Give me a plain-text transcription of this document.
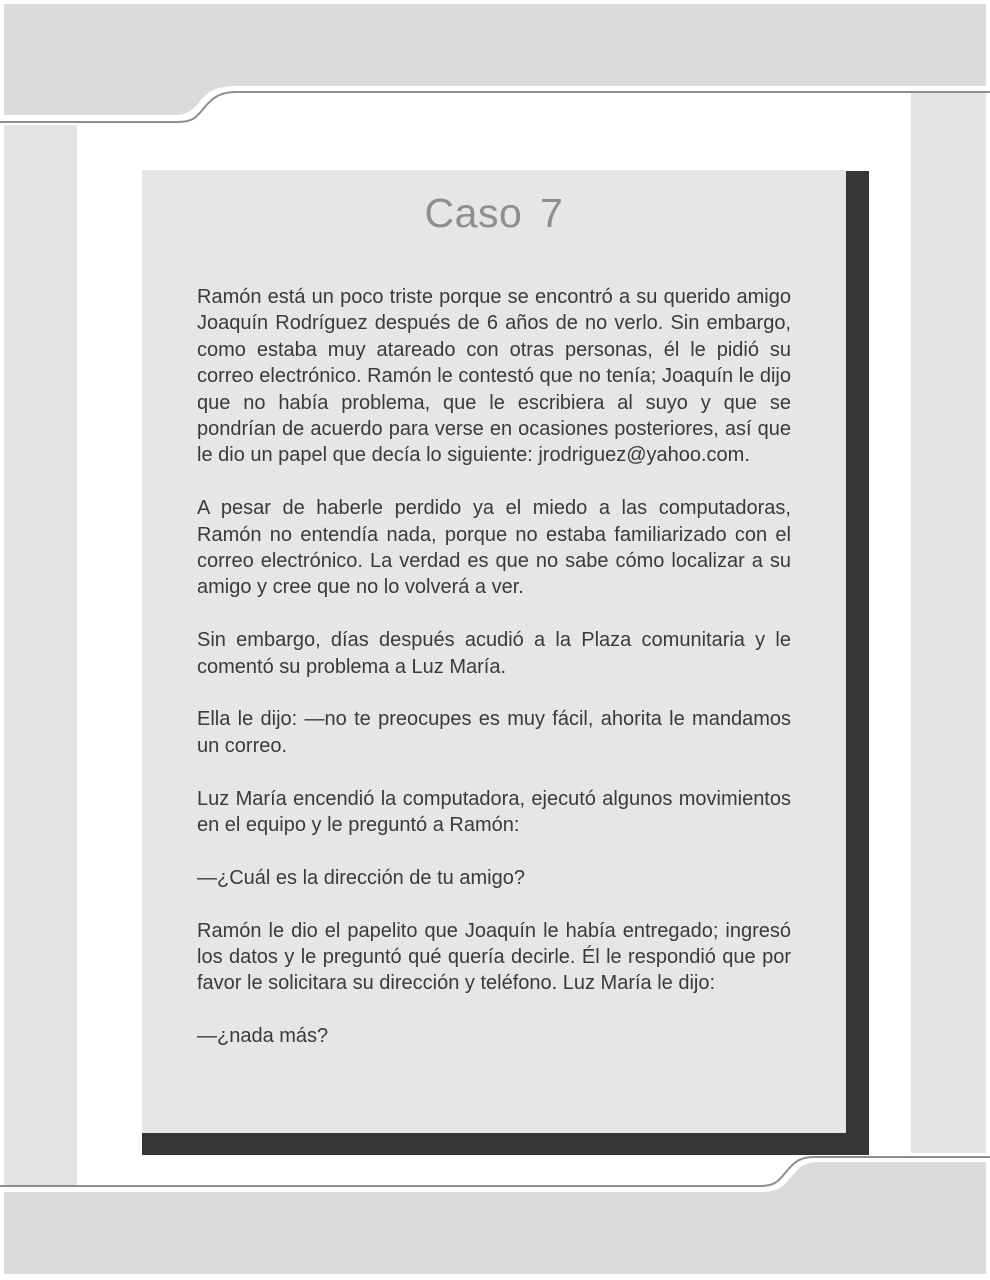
Caso 7

Ramón está un poco triste porque se encontró a su querido amigo Joaquín Rodríguez después de 6 años de no verlo. Sin embargo, como estaba muy atareado con otras personas, él le pidió su correo electrónico. Ramón le contestó que no tenía; Joaquín le dijo que no había problema, que le escribiera al suyo y que se pondrían de acuerdo para verse en ocasiones posteriores, así que le dio un papel que decía lo siguiente: jrodriguez@yahoo.com.

A pesar de haberle perdido ya el miedo a las computadoras, Ramón no entendía nada, porque no estaba familiarizado con el correo electrónico. La verdad es que no sabe cómo localizar a su amigo y cree que no lo volverá a ver.

Sin embargo, días después acudió a la Plaza comunitaria y le comentó su problema a Luz María.

Ella le dijo: —no te preocupes es muy fácil, ahorita le mandamos un correo.

Luz María encendió la computadora, ejecutó algunos movimientos en el equipo y le preguntó a Ramón:

—¿Cuál es la dirección de tu amigo?

Ramón le dio el papelito que Joaquín le había entregado; ingresó los datos y le preguntó qué quería decirle. Él le respondió que por favor le solicitara su dirección y teléfono. Luz María le dijo:

—¿nada más?
